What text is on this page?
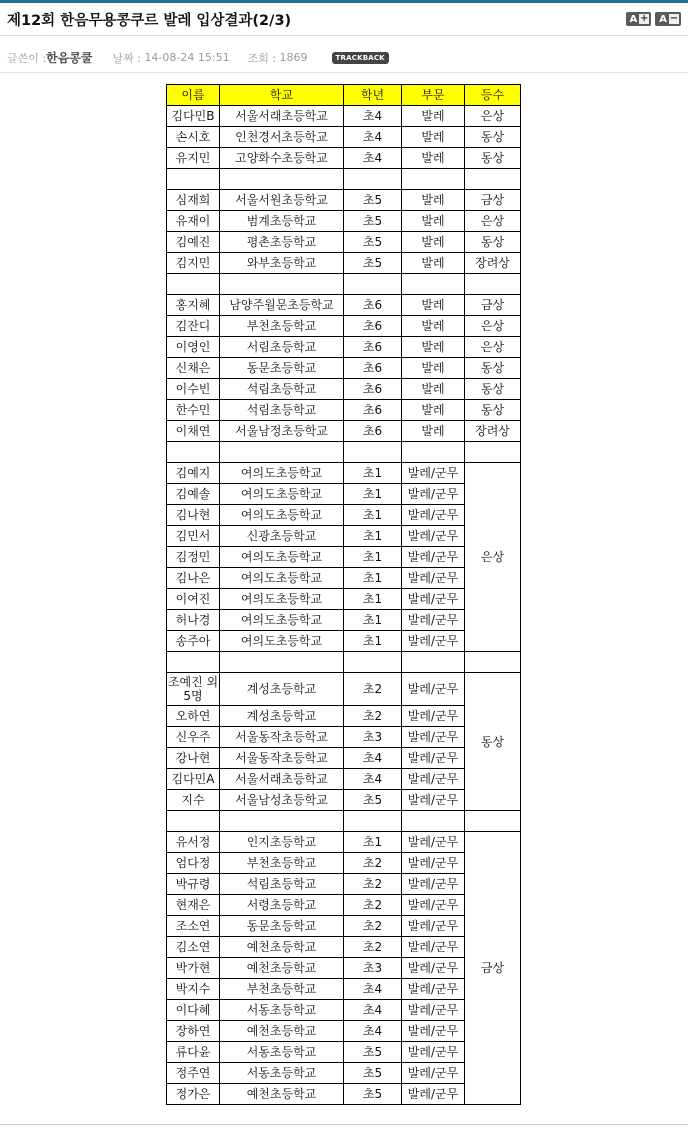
제12회 한음무용콩쿠르 발레 입상결과(2/3)	A + A −
글쓴이 : 한음콩쿨 날짜 :
14-08-24 15:51 조회 :
1869	TRACKBACK
이름	학교	학년	부문	등수
김다민B	서울서래초등학교	초4	발레	은상
손시호	인천경서초등학교	초4	발레	동상
유지민	고양화수초등학교	초4	발레	동상

심재희	서울서원초등학교	초5	발레	금상
유재이	범계초등학교	초5	발레	은상
김예진	평촌초등학교	초5	발레	동상
김지민	와부초등학교	초5	발레	장려상

홍지혜	남양주월문초등학교	초6	발레	금상
김잔디	부천초등학교	초6	발레	은상
이영인	서림초등학교	초6	발레	은상
신채은	동문초등학교	초6	발레	동상
이수빈	석림초등학교	초6	발레	동상
한수민	석림초등학교	초6	발레	동상
이채연	서울남정초등학교	초6	발레	장려상

김예지	여의도초등학교	초1	발레/군무	은상
김예솔	여의도초등학교	초1	발레/군무	
김나현	여의도초등학교	초1	발레/군무	
김민서	신광초등학교	초1	발레/군무	
김정민	여의도초등학교	초1	발레/군무	
김나은	여의도초등학교	초1	발레/군무	
이여진	여의도초등학교	초1	발레/군무	
허나경	여의도초등학교	초1	발레/군무	
송주아	여의도초등학교	초1	발레/군무	

조예진 외 5명	계성초등학교	초2	발레/군무	동상
오하연	계성초등학교	초2	발레/군무	
신우주	서울동작초등학교	초3	발레/군무	
강나현	서울동작초등학교	초4	발레/군무	
김다민A	서울서래초등학교	초4	발레/군무	
지수	서울남성초등학교	초5	발레/군무	

유서정	인지초등학교	초1	발레/군무	금상
엄다정	부천초등학교	초2	발레/군무	
박규령	석림초등학교	초2	발레/군무	
현재은	서령초등학교	초2	발레/군무	
조소연	동문초등학교	초2	발레/군무	
김소연	예천초등학교	초2	발레/군무	
박가현	예천초등학교	초3	발레/군무	
박지수	부천초등학교	초4	발레/군무	
이다혜	서동초등학교	초4	발레/군무	
장하연	예천초등학교	초4	발레/군무	
류다윤	서동초등학교	초5	발레/군무	
정주연	서동초등학교	초5	발레/군무	
정가은	예천초등학교	초5	발레/군무	
